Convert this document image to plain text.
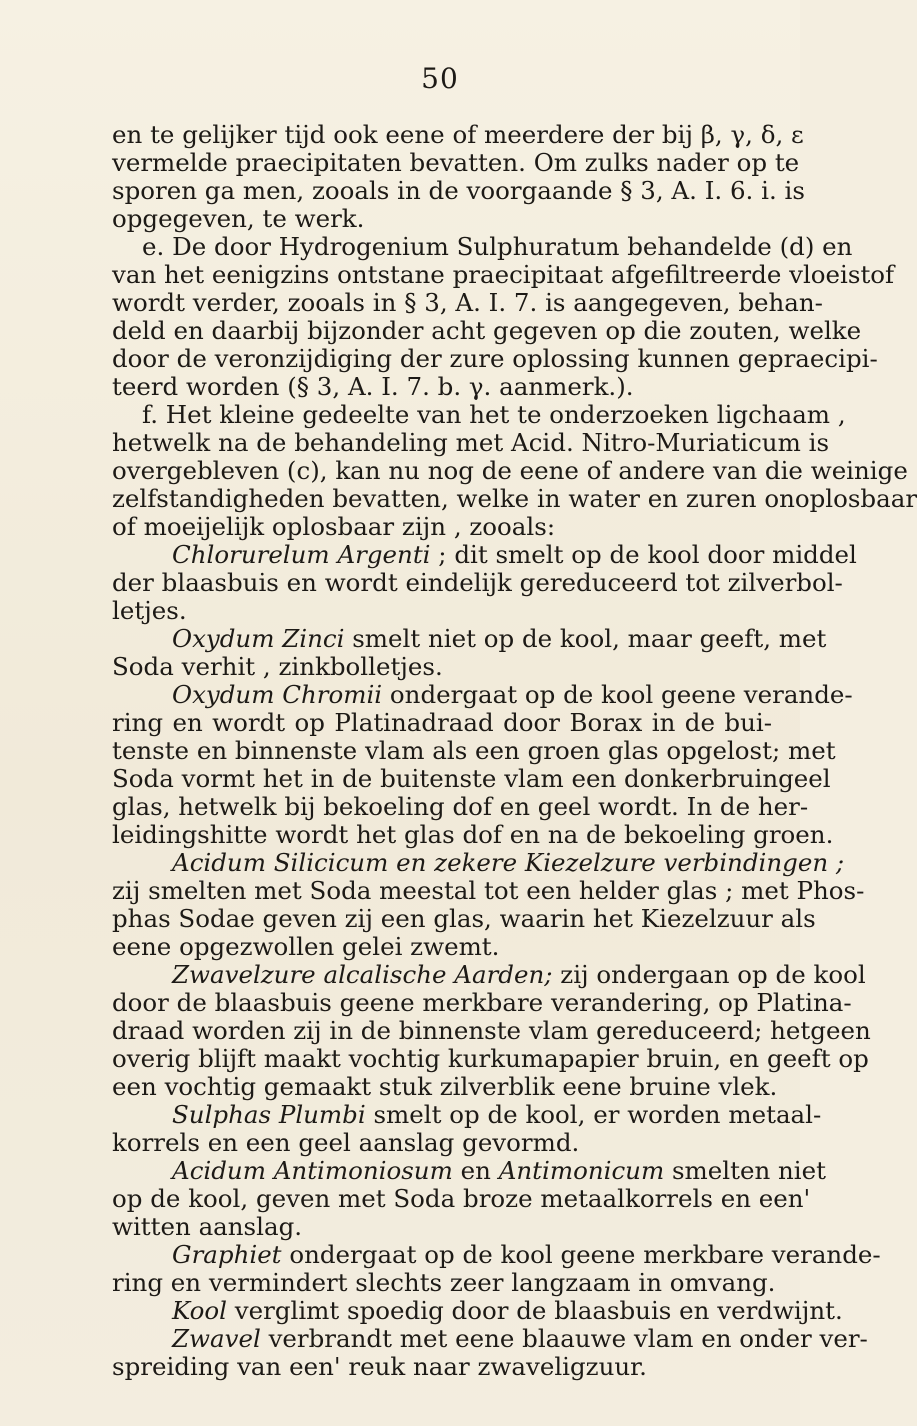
50
en te gelijker tijd ook eene of meerdere der bij β, γ, δ, ε
vermelde praecipitaten bevatten. Om zulks nader op te
sporen ga men, zooals in de voorgaande § 3, A. I. 6. i. is
opgegeven, te werk.
e. De door Hydrogenium Sulphuratum behandelde (d) en
van het eenigzins ontstane praecipitaat afgefiltreerde vloeistof
wordt verder, zooals in § 3, A. I. 7. is aangegeven, behan-
deld en daarbij bijzonder acht gegeven op die zouten, welke
door de veronzijdiging der zure oplossing kunnen gepraecipi-
teerd worden (§ 3, A. I. 7. b. γ. aanmerk.).
f. Het kleine gedeelte van het te onderzoeken ligchaam ,
hetwelk na de behandeling met Acid. Nitro-Muriaticum is
overgebleven (c), kan nu nog de eene of andere van die weinige
zelfstandigheden bevatten, welke in water en zuren onoplosbaar
of moeijelijk oplosbaar zijn , zooals:
Chlorurelum Argenti ; dit smelt op de kool door middel
der blaasbuis en wordt eindelijk gereduceerd tot zilverbol-
letjes.
Oxydum Zinci smelt niet op de kool, maar geeft, met
Soda verhit , zinkbolletjes.
Oxydum Chromii ondergaat op de kool geene verande-
ring en wordt op Platinadraad door Borax in de bui-
tenste en binnenste vlam als een groen glas opgelost; met
Soda vormt het in de buitenste vlam een donkerbruingeel
glas, hetwelk bij bekoeling dof en geel wordt. In de her-
leidingshitte wordt het glas dof en na de bekoeling groen.
Acidum Silicicum en zekere Kiezelzure verbindingen ;
zij smelten met Soda meestal tot een helder glas ; met Phos-
phas Sodae geven zij een glas, waarin het Kiezelzuur als
eene opgezwollen gelei zwemt.
Zwavelzure alcalische Aarden; zij ondergaan op de kool
door de blaasbuis geene merkbare verandering, op Platina-
draad worden zij in de binnenste vlam gereduceerd; hetgeen
overig blijft maakt vochtig kurkumapapier bruin, en geeft op
een vochtig gemaakt stuk zilverblik eene bruine vlek.
Sulphas Plumbi smelt op de kool, er worden metaal-
korrels en een geel aanslag gevormd.
Acidum Antimoniosum en Antimonicum smelten niet
op de kool, geven met Soda broze metaalkorrels en een'
witten aanslag.
Graphiet ondergaat op de kool geene merkbare verande-
ring en vermindert slechts zeer langzaam in omvang.
Kool verglimt spoedig door de blaasbuis en verdwijnt.
Zwavel verbrandt met eene blaauwe vlam en onder ver-
spreiding van een' reuk naar zwaveligzuur.
